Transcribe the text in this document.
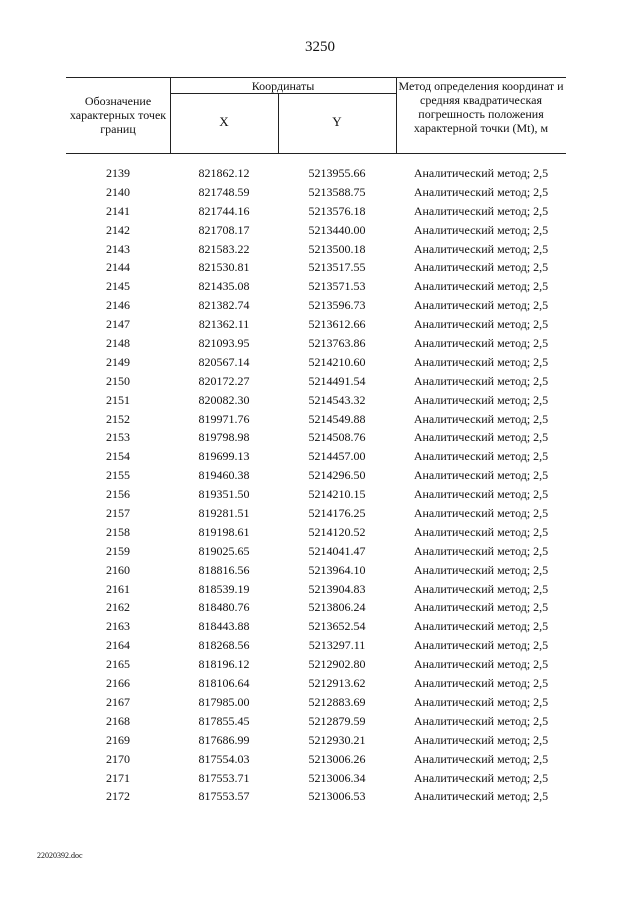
3250
Обозначение характерных точек границ
Координаты
X	Y
Метод определения координат и средняя квадратическая погрешность положения характерной точки (Mt), м
2139	821862.12	5213955.66	Аналитический метод; 2,5
2140	821748.59	5213588.75	Аналитический метод; 2,5
2141	821744.16	5213576.18	Аналитический метод; 2,5
2142	821708.17	5213440.00	Аналитический метод; 2,5
2143	821583.22	5213500.18	Аналитический метод; 2,5
2144	821530.81	5213517.55	Аналитический метод; 2,5
2145	821435.08	5213571.53	Аналитический метод; 2,5
2146	821382.74	5213596.73	Аналитический метод; 2,5
2147	821362.11	5213612.66	Аналитический метод; 2,5
2148	821093.95	5213763.86	Аналитический метод; 2,5
2149	820567.14	5214210.60	Аналитический метод; 2,5
2150	820172.27	5214491.54	Аналитический метод; 2,5
2151	820082.30	5214543.32	Аналитический метод; 2,5
2152	819971.76	5214549.88	Аналитический метод; 2,5
2153	819798.98	5214508.76	Аналитический метод; 2,5
2154	819699.13	5214457.00	Аналитический метод; 2,5
2155	819460.38	5214296.50	Аналитический метод; 2,5
2156	819351.50	5214210.15	Аналитический метод; 2,5
2157	819281.51	5214176.25	Аналитический метод; 2,5
2158	819198.61	5214120.52	Аналитический метод; 2,5
2159	819025.65	5214041.47	Аналитический метод; 2,5
2160	818816.56	5213964.10	Аналитический метод; 2,5
2161	818539.19	5213904.83	Аналитический метод; 2,5
2162	818480.76	5213806.24	Аналитический метод; 2,5
2163	818443.88	5213652.54	Аналитический метод; 2,5
2164	818268.56	5213297.11	Аналитический метод; 2,5
2165	818196.12	5212902.80	Аналитический метод; 2,5
2166	818106.64	5212913.62	Аналитический метод; 2,5
2167	817985.00	5212883.69	Аналитический метод; 2,5
2168	817855.45	5212879.59	Аналитический метод; 2,5
2169	817686.99	5212930.21	Аналитический метод; 2,5
2170	817554.03	5213006.26	Аналитический метод; 2,5
2171	817553.71	5213006.34	Аналитический метод; 2,5
2172	817553.57	5213006.53	Аналитический метод; 2,5
22020392.doc
